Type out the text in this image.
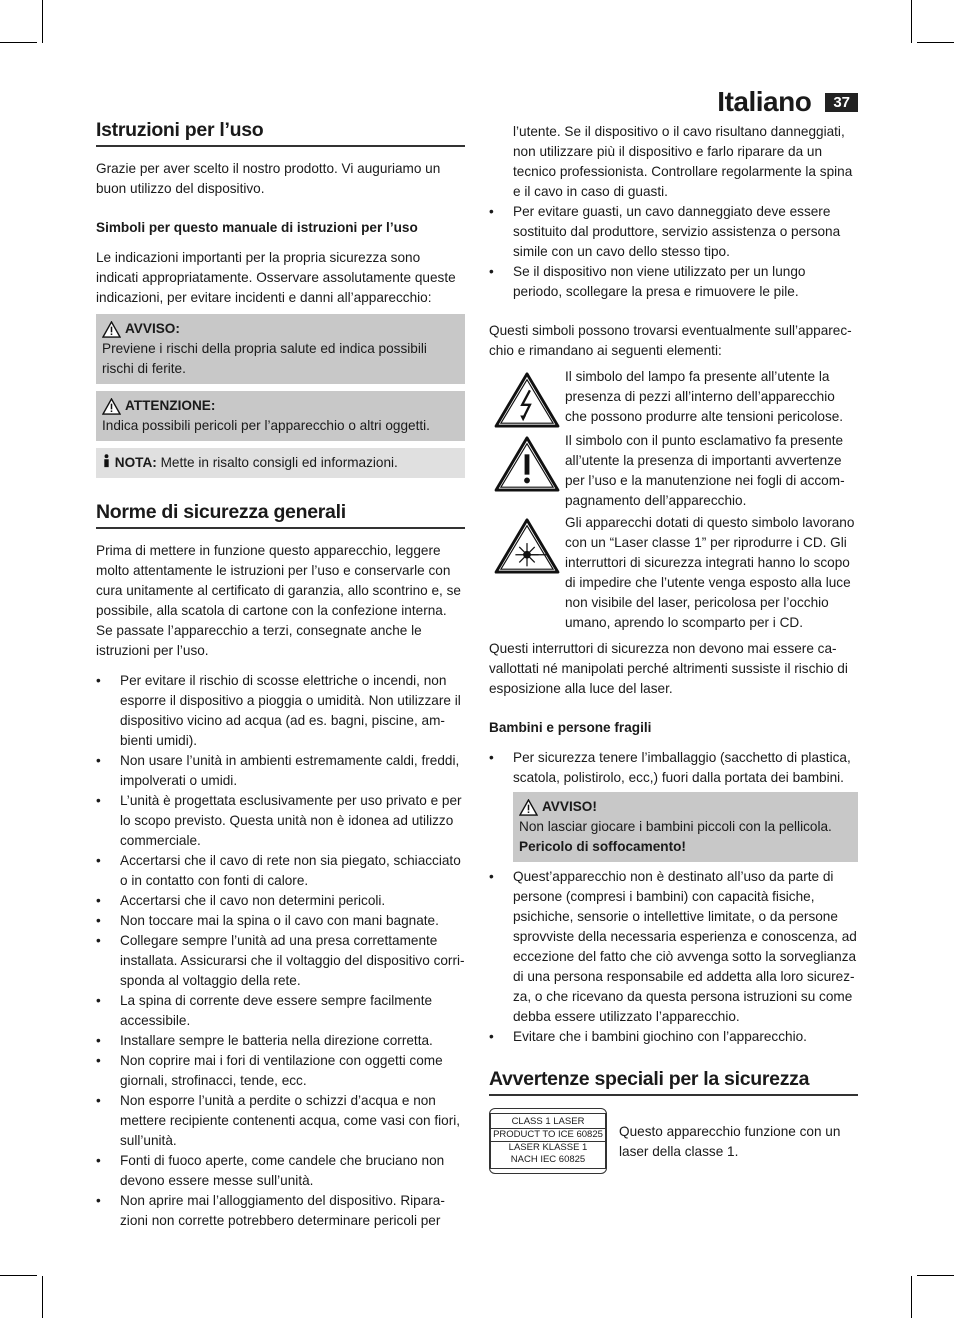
Italiano	37
Istruzioni per l’uso

Grazie per aver scelto il nostro prodotto. Vi auguriamo un buon utilizzo del dispositivo.

Simboli per questo manuale di istruzioni per l’uso

Le indicazioni importanti per la propria sicurezza sono indicati appropriatamente. Osservare assolutamente queste indicazioni, per evitare incidenti e danni all’apparecchio:

AVVISO:
Previene i rischi della propria salute ed indica possibili rischi di ferite.
ATTENZIONE:
Indica possibili pericoli per l’apparecchio o altri oggetti.
NOTA: Mette in risalto consigli ed informazioni.
Norme di sicurezza generali

Prima di mettere in funzione questo apparecchio, leggere molto attentamente le istruzioni per l’uso e conservarle con cura unitamente al certificato di garanzia, allo scontrino e, se possibile, alla scatola di cartone con la confezione interna. Se passate l’apparecchio a terzi, consegnate anche le istruzioni per l’uso.

• Per evitare il rischio di scosse elettriche o incendi, non esporre il dispositivo a pioggia o umidità. Non utilizzare il dispositivo vicino ad acqua (ad es. bagni, piscine, ambienti umidi).
• Non usare l’unità in ambienti estremamente caldi, freddi, impolverati o umidi.
• L’unità è progettata esclusivamente per uso privato e per lo scopo previsto. Questa unità non è idonea ad utilizzo commerciale.
• Accertarsi che il cavo di rete non sia piegato, schiacciato o in contatto con fonti di calore.
• Accertarsi che il cavo non determini pericoli.
• Non toccare mai la spina o il cavo con mani bagnate.
• Collegare sempre l’unità ad una presa correttamente installata. Assicurarsi che il voltaggio del dispositivo corrisponda al voltaggio della rete.
• La spina di corrente deve essere sempre facilmente accessibile.
• Installare sempre le batteria nella direzione corretta.
• Non coprire mai i fori di ventilazione con oggetti come giornali, strofinacci, tende, ecc.
• Non esporre l’unità a perdite o schizzi d’acqua e non mettere recipiente contenenti acqua, come vasi con fiori, sull’unità.
• Fonti di fuoco aperte, come candele che bruciano non devono essere messe sull’unità.
• Non aprire mai l’alloggiamento del dispositivo. Riparazioni non corrette potrebbero determinare pericoli per

l’utente. Se il dispositivo o il cavo risultano danneggiati, non utilizzare più il dispositivo e farlo riparare da un tecnico professionista. Controllare regolarmente la spina e il cavo in caso di guasti.

• Per evitare guasti, un cavo danneggiato deve essere sostituito dal produttore, servizio assistenza o persona simile con un cavo dello stesso tipo.
• Se il dispositivo non viene utilizzato per un lungo periodo, scollegare la presa e rimuovere le pile.

Questi simboli possono trovarsi eventualmente sull’apparecchio e rimandano ai seguenti elementi:

Il simbolo del lampo fa presente all’utente la presenza di pezzi all’interno dell’apparecchio che possono produrre alte tensioni pericolose.
Il simbolo con il punto esclamativo fa presente all’utente la presenza di importanti avvertenze per l’uso e la manutenzione nei fogli di accompagnamento dell’apparecchio.
Gli apparecchi dotati di questo simbolo lavorano con un “Laser classe 1” per riprodurre i CD. Gli interruttori di sicurezza integrati hanno lo scopo di impedire che l’utente venga esposto alla luce non visibile del laser, pericolosa per l’occhio umano, aprendo lo scomparto per i CD.

Questi interruttori di sicurezza non devono mai essere cavallottati né manipolati perché altrimenti sussiste il rischio di esposizione alla luce del laser.

Bambini e persone fragili
• Per sicurezza tenere l’imballaggio (sacchetto di plastica, scatola, polistirolo, ecc,) fuori dalla portata dei bambini.
AVVISO!
Non lasciar giocare i bambini piccoli con la pellicola.
Pericolo di soffocamento!
• Quest’apparecchio non è destinato all’uso da parte di persone (compresi i bambini) con capacità fisiche, psichiche, sensorie o intellettive limitate, o da persone sprovviste della necessaria esperienza e conoscenza, ad eccezione del fatto che ciò avvenga sotto la sorveglianza di una persona responsabile ed addetta alla loro sicurezza, o che ricevano da questa persona istruzioni su come debba essere utilizzato l’apparecchio.
• Evitare che i bambini giochino con l’apparecchio.
Avvertenze speciali per la sicurezza
CLASS 1 LASER
PRODUCT TO ICE 60825
LASER KLASSE 1
NACH IEC 60825
Questo apparecchio funzione con un laser della classe 1.
